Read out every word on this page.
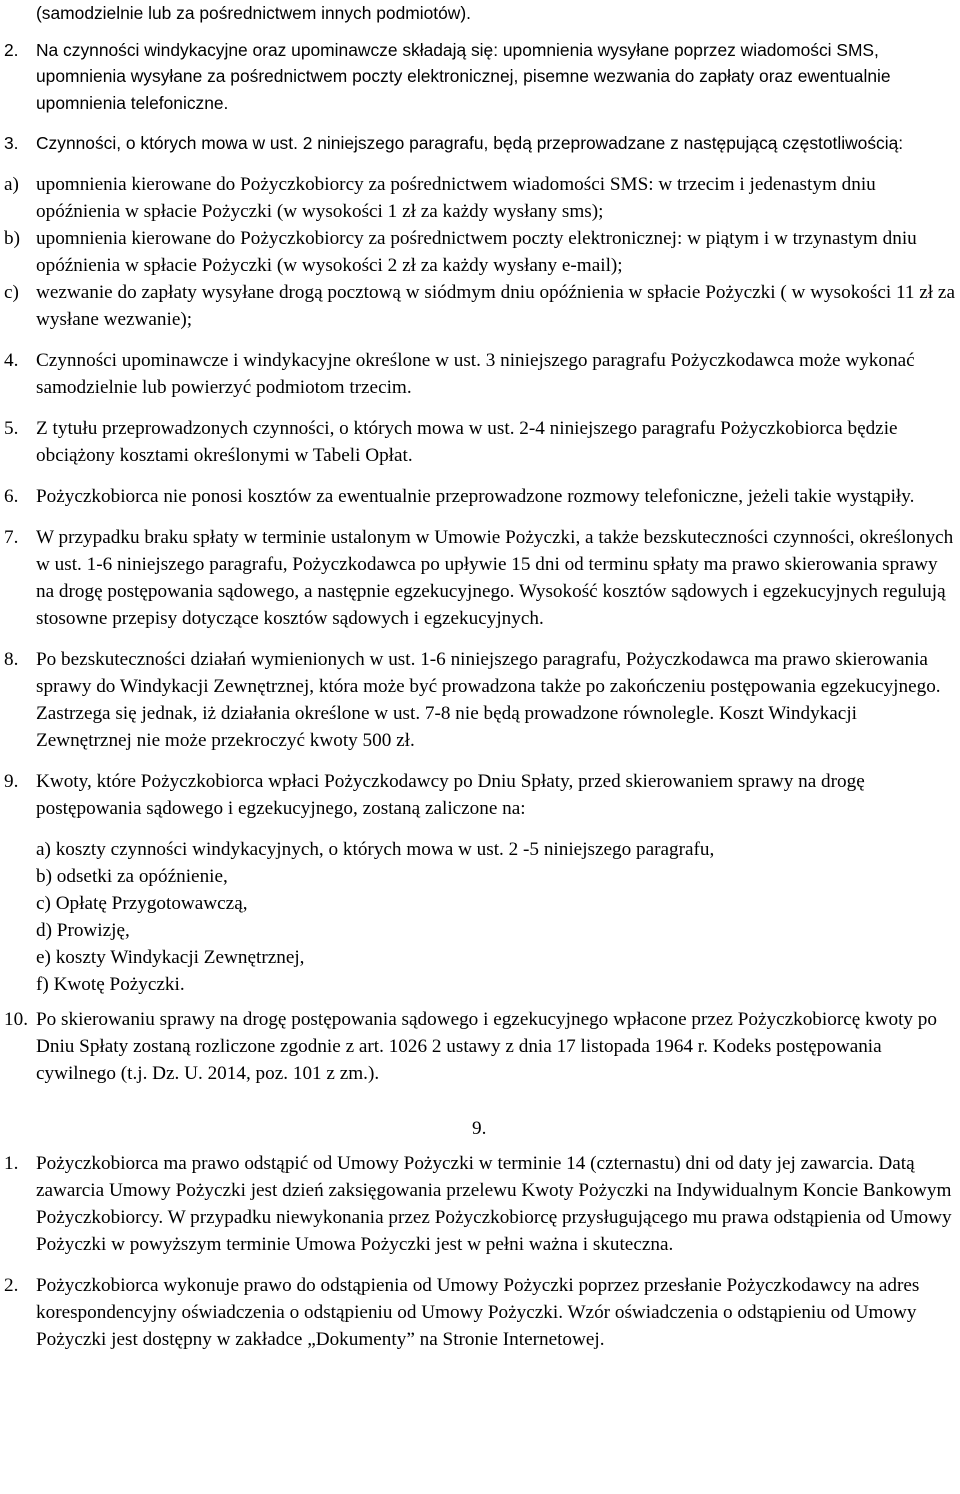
(samodzielnie lub za pośrednictwem innych podmiotów).
2. Na czynności windykacyjne oraz upominawcze składają się: upomnienia wysyłane poprzez wiadomości SMS, upomnienia wysyłane za pośrednictwem poczty elektronicznej, pisemne wezwania do zapłaty oraz ewentualnie upomnienia telefoniczne.
3. Czynności, o których mowa w ust. 2 niniejszego paragrafu, będą przeprowadzane z następującą częstotliwością:
a) upomnienia kierowane do Pożyczkobiorcy za pośrednictwem wiadomości SMS: w trzecim i jedenastym dniu opóźnienia w spłacie Pożyczki (w wysokości 1 zł za każdy wysłany sms);
b) upomnienia kierowane do Pożyczkobiorcy za pośrednictwem poczty elektronicznej: w piątym i w trzynastym dniu opóźnienia w spłacie Pożyczki (w wysokości 2 zł za każdy wysłany e-mail);
c) wezwanie do zapłaty wysyłane drogą pocztową w siódmym dniu opóźnienia w spłacie Pożyczki ( w wysokości 11 zł za wysłane wezwanie);
4. Czynności upominawcze i windykacyjne określone w ust. 3 niniejszego paragrafu Pożyczkodawca może wykonać samodzielnie lub powierzyć podmiotom trzecim.
5. Z tytułu przeprowadzonych czynności, o których mowa w ust. 2-4 niniejszego paragrafu Pożyczkobiorca będzie obciążony kosztami określonymi w Tabeli Opłat.
6. Pożyczkobiorca nie ponosi kosztów za ewentualnie przeprowadzone rozmowy telefoniczne, jeżeli takie wystąpiły.
7. W przypadku braku spłaty w terminie ustalonym w Umowie Pożyczki, a także bezskuteczności czynności, określonych w ust. 1-6 niniejszego paragrafu, Pożyczkodawca po upływie 15 dni od terminu spłaty ma prawo skierowania sprawy na drogę postępowania sądowego, a następnie egzekucyjnego. Wysokość kosztów sądowych i egzekucyjnych regulują stosowne przepisy dotyczące kosztów sądowych i egzekucyjnych.
8. Po bezskuteczności działań wymienionych w ust. 1-6 niniejszego paragrafu, Pożyczkodawca ma prawo skierowania sprawy do Windykacji Zewnętrznej, która może być prowadzona także po zakończeniu postępowania egzekucyjnego. Zastrzega się jednak, iż działania określone w ust. 7-8 nie będą prowadzone równolegle. Koszt Windykacji Zewnętrznej nie może przekroczyć kwoty 500 zł.
9. Kwoty, które Pożyczkobiorca wpłaci Pożyczkodawcy po Dniu Spłaty, przed skierowaniem sprawy na drogę postępowania sądowego i egzekucyjnego, zostaną zaliczone na:
a) koszty czynności windykacyjnych, o których mowa w ust. 2 -5 niniejszego paragrafu,
b) odsetki za opóźnienie,
c) Opłatę Przygotowawczą,
d) Prowizję,
e) koszty Windykacji Zewnętrznej,
f) Kwotę Pożyczki.
10. Po skierowaniu sprawy na drogę postępowania sądowego i egzekucyjnego wpłacone przez Pożyczkobiorcę kwoty po Dniu Spłaty zostaną rozliczone zgodnie z art. 1026 2 ustawy z dnia 17 listopada 1964 r. Kodeks postępowania cywilnego (t.j. Dz. U. 2014, poz. 101 z zm.).
9.
1. Pożyczkobiorca ma prawo odstąpić od Umowy Pożyczki w terminie 14 (czternastu) dni od daty jej zawarcia. Datą zawarcia Umowy Pożyczki jest dzień zaksięgowania przelewu Kwoty Pożyczki na Indywidualnym Koncie Bankowym Pożyczkobiorcy. W przypadku niewykonania przez Pożyczkobiorcę przysługującego mu prawa odstąpienia od Umowy Pożyczki w powyższym terminie Umowa Pożyczki jest w pełni ważna i skuteczna.
2. Pożyczkobiorca wykonuje prawo do odstąpienia od Umowy Pożyczki poprzez przesłanie Pożyczkodawcy na adres korespondencyjny oświadczenia o odstąpieniu od Umowy Pożyczki. Wzór oświadczenia o odstąpieniu od Umowy Pożyczki jest dostępny w zakładce „Dokumenty” na Stronie Internetowej.
